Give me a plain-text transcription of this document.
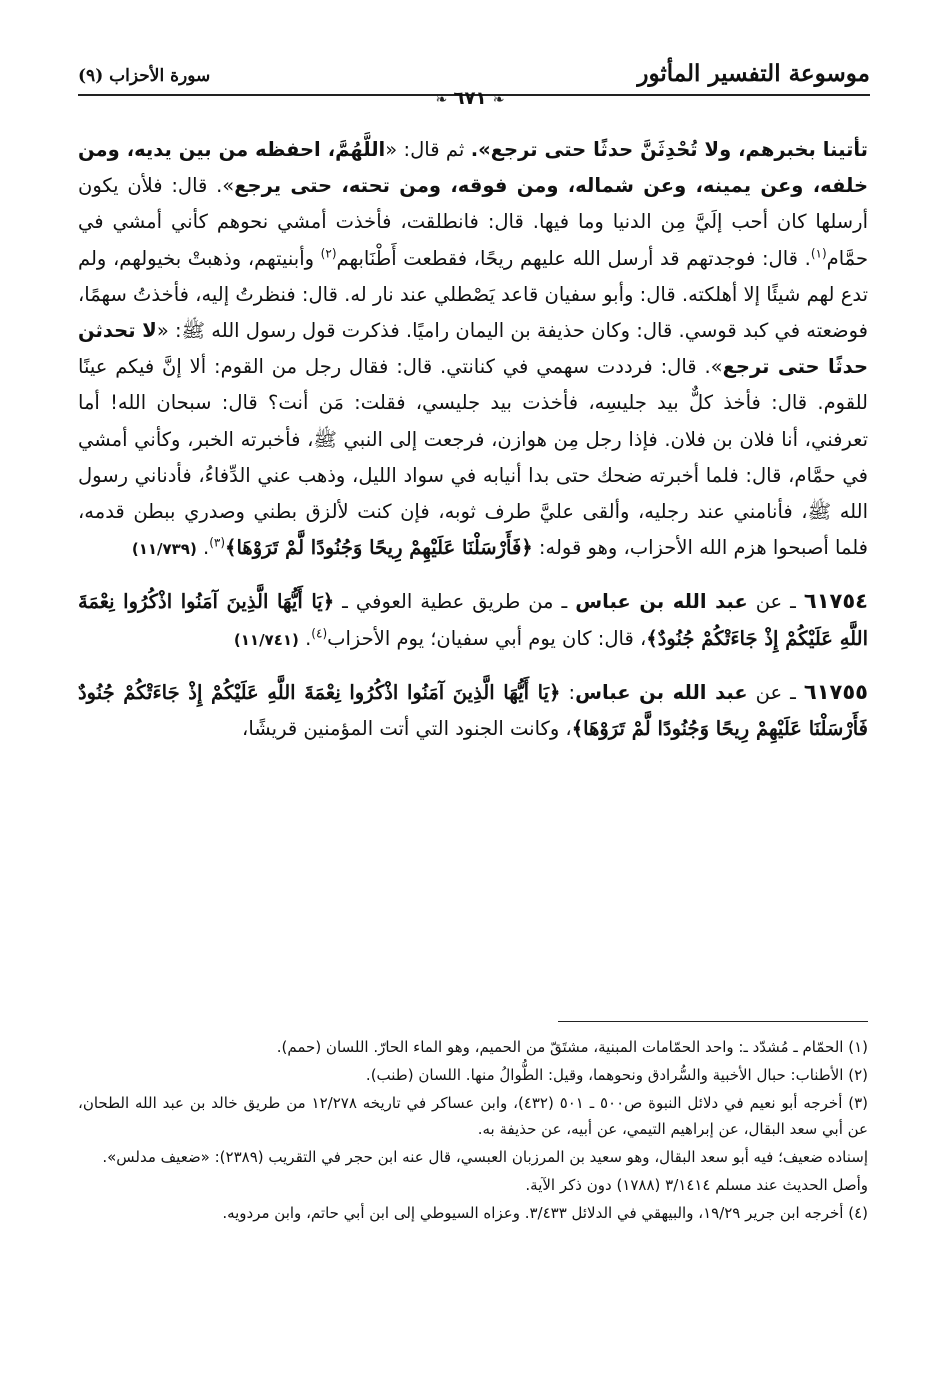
موسوعة التفسير المأثور
سورة الأحزاب (٩)
❧ ٦٧١ ❧

تأتينا بخبرهم، ولا تُحْدِثَنَّ حدثًا حتى ترجع». ثم قال: «اللَّهُمَّ، احفظه من بين يديه، ومن خلفه، وعن يمينه، وعن شماله، ومن فوقه، ومن تحته، حتى يرجع». قال: فلأن يكون أرسلها كان أحب إلَيَّ مِن الدنيا وما فيها. قال: فانطلقت، فأخذت أمشي نحوهم كأني أمشي في حمَّام$^{(١)}$. قال: فوجدتهم قد أرسل الله عليهم ريحًا، فقطعت أَطْنَابهم$^{(٢)}$ وأبنيتهم، وذهبتْ بخيولهم، ولم تدع لهم شيئًا إلا أهلكته. قال: وأبو سفيان قاعد يَصْطلي عند نار له. قال: فنظرتُ إليه، فأخذتُ سهمًا، فوضعته في كبد قوسي. قال: وكان حذيفة بن اليمان راميًا. فذكرت قول رسول الله ﷺ: «لا تحدثن حدثًا حتى ترجع». قال: فرددت سهمي في كنانتي. قال: فقال رجل من القوم: ألا إنَّ فيكم عينًا للقوم. قال: فأخذ كلٌّ بيد جليسِه، فأخذت بيد جليسي، فقلت: مَن أنت؟ قال: سبحان الله! أما تعرفني، أنا فلان بن فلان. فإذا رجل مِن هوازن، فرجعت إلى النبي ﷺ، فأخبرته الخبر، وكأني أمشي في حمَّام، قال: فلما أخبرته ضحك حتى بدا أنيابه في سواد الليل، وذهب عني الدِّفاءُ، فأدناني رسول الله ﷺ، فأنامني عند رجليه، وألقى عليَّ طرف ثوبه، فإن كنت لألزق بطني وصدري ببطن قدمه، فلما أصبحوا هزم الله الأحزاب، وهو قوله: ﴿فَأَرْسَلْنَا عَلَيْهِمْ رِيحًا وَجُنُودًا لَّمْ تَرَوْهَا﴾$^{(٣)}$. (١١/٧٣٩)

٦١٧٥٤ ـ عن عبد الله بن عباس ـ من طريق عطية العوفي ـ ﴿يَا أَيُّهَا الَّذِينَ آمَنُوا اذْكُرُوا نِعْمَةَ اللَّهِ عَلَيْكُمْ إِذْ جَاءَتْكُمْ جُنُودٌ﴾، قال: كان يوم أبي سفيان؛ يوم الأحزاب$^{(٤)}$. (١١/٧٤١)

٦١٧٥٥ ـ عن عبد الله بن عباس: ﴿يَا أَيُّهَا الَّذِينَ آمَنُوا اذْكُرُوا نِعْمَةَ اللَّهِ عَلَيْكُمْ إِذْ جَاءَتْكُمْ جُنُودٌ فَأَرْسَلْنَا عَلَيْهِمْ رِيحًا وَجُنُودًا لَّمْ تَرَوْهَا﴾، وكانت الجنود التي أتت المؤمنين قريشًا،

(١) الحمّام ـ مُشدّد ـ: واحد الحمّامات المبنية، مشتَقّ من الحميم، وهو الماء الحارّ. اللسان (حمم).

(٢) الأطناب: حبال الأخبية والسُّرادق ونحوهما، وقيل: الطُّوالُ منها. اللسان (طنب).

(٣) أخرجه أبو نعيم في دلائل النبوة ص٥٠٠ ـ ٥٠١ (٤٣٢)، وابن عساكر في تاريخه ١٢/٢٧٨ من طريق خالد بن عبد الله الطحان، عن أبي سعد البقال، عن إبراهيم التيمي، عن أبيه، عن حذيفة به.

إسناده ضعيف؛ فيه أبو سعد البقال، وهو سعيد بن المرزبان العبسي، قال عنه ابن حجر في التقريب (٢٣٨٩): «ضعيف مدلس».

وأصل الحديث عند مسلم ٣/١٤١٤ (١٧٨٨) دون ذكر الآية.

(٤) أخرجه ابن جرير ١٩/٢٩، والبيهقي في الدلائل ٣/٤٣٣. وعزاه السيوطي إلى ابن أبي حاتم، وابن مردويه.
